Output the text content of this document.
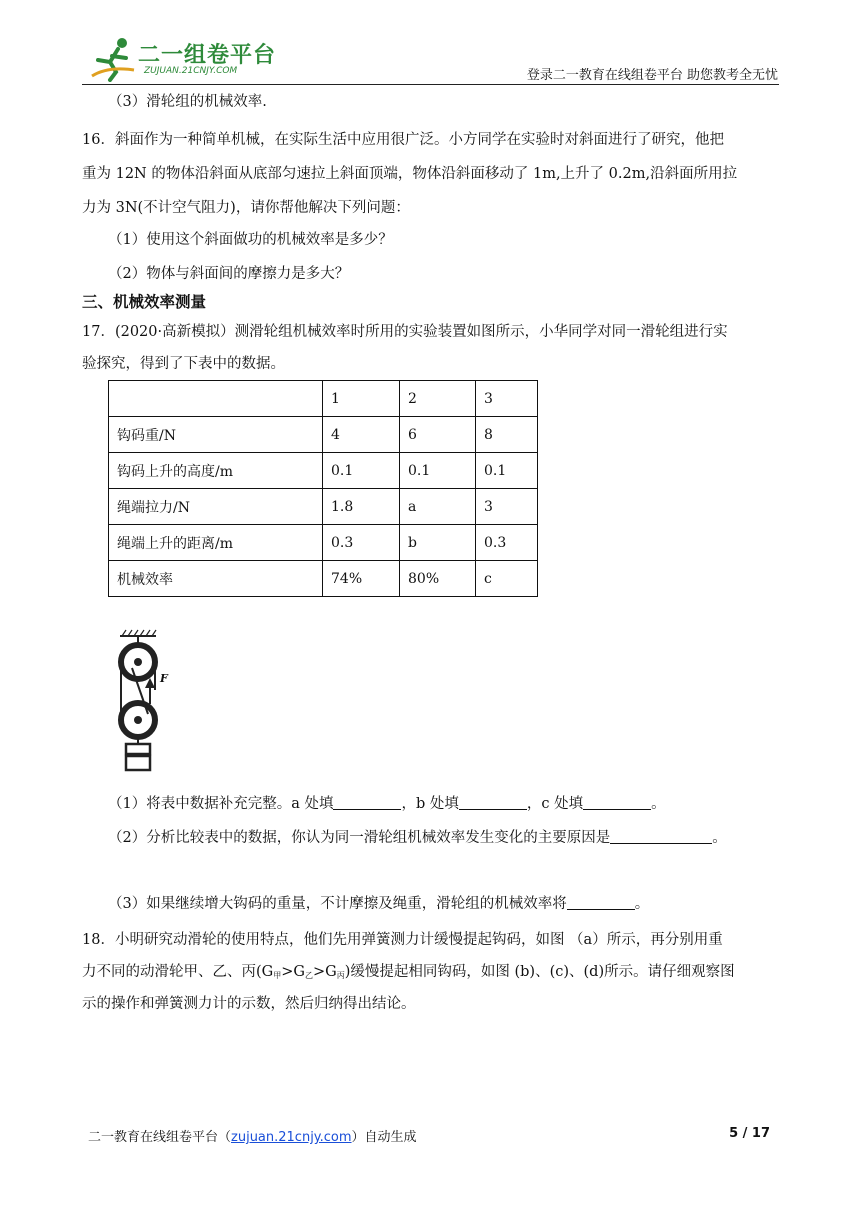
二一组卷平台
ZUJUAN.21CNJY.COM	登录二一教育在线组卷平台 助您教考全无忧
（3）滑轮组的机械效率.
16．斜面作为一种简单机械，在实际生活中应用很广泛。小方同学在实验时对斜面进行了研究，他把
重为 12N 的物体沿斜面从底部匀速拉上斜面顶端，物体沿斜面移动了 1m,上升了 0.2m,沿斜面所用拉
力为 3N(不计空气阻力)，请你帮他解决下列问题：
（1）使用这个斜面做功的机械效率是多少？
（2）物体与斜面间的摩擦力是多大？
三、机械效率测量
17．(2020·高新模拟）测滑轮组机械效率时所用的实验装置如图所示，小华同学对同一滑轮组进行实
验探究，得到了下表中的数据。
	1	2	3
钩码重/N	4	6	8
钩码上升的高度/m	0.1	0.1	0.1
绳端拉力/N	1.8	a	3
绳端上升的距离/m	0.3	b	0.3
机械效率	74%	80%	c
F
（1）将表中数据补充完整。a 处填	，b 处填	，c 处填	。
（2）分析比较表中的数据，你认为同一滑轮组机械效率发生变化的主要原因是	。
（3）如果继续增大钩码的重量，不计摩擦及绳重，滑轮组的机械效率将	。
18．小明研究动滑轮的使用特点，他们先用弹簧测力计缓慢提起钩码，如图 （a）所示，再分别用重
力不同的动滑轮甲、乙、丙$(G_甲>G_乙>G_丙)$缓慢提起相同钩码，如图 (b)、(c)、(d)所示。请仔细观察图
示的操作和弹簧测力计的示数，然后归纳得出结论。
二一教育在线组卷平台（zujuan.21cnjy.com）自动生成	5 / 17
